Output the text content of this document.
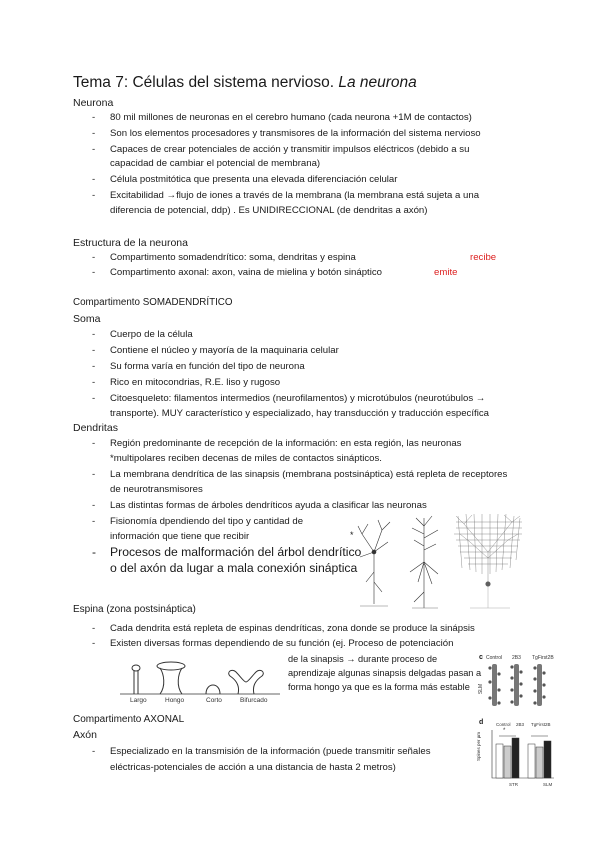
Tema 7: Células del sistema nervioso. La neurona
Neurona
- 80 mil millones de neuronas en el cerebro humano (cada neurona +1M de contactos)
- Son los elementos procesadores y transmisores de la información del sistema nervioso
- Capaces de crear potenciales de acción y transmitir impulsos eléctricos (debido a su
capacidad de cambiar el potencial de membrana)
- Célula postmitótica que presenta una elevada diferenciación celular
- Excitabilidad →flujo de iones a través de la membrana (la membrana está sujeta a una
diferencia de potencial, ddp) . Es UNIDIRECCIONAL (de dendritas a axón)
Estructura de la neurona
- Compartimento somadendrítico: soma, dendritas y espina	recibe
- Compartimento axonal: axon, vaina de mielina y botón sináptico	emite
Compartimento SOMADENDRÍTICO
Soma
- Cuerpo de la célula
- Contiene el núcleo y mayoría de la maquinaria celular
- Su forma varía en función del tipo de neurona
- Rico en mitocondrias, R.E. liso y rugoso
- Citoesqueleto: filamentos intermedios (neurofilamentos) y microtúbulos (neurotúbulos →
transporte). MUY característico y especializado, hay transducción y traducción específica
Dendritas
- Región predominante de recepción de la información: en esta región, las neuronas
*multipolares reciben decenas de miles de contactos sinápticos.
- La membrana dendrítica de las sinapsis (membrana postsináptica) está repleta de receptores
de neurotransmisores
- Las distintas formas de árboles dendríticos ayuda a clasificar las neuronas
- Fisionomía dpendiendo del tipo y cantidad de
información que tiene que recibir
- Procesos de malformación del árbol dendrítico
o del axón da lugar a mala conexión sináptica
*
Espina (zona postsináptica)
- Cada dendrita está repleta de espinas dendríticas, zona donde se produce la sinápsis
- Existen diversas formas dependiendo de su función (ej. Proceso de potenciación
de la sinapsis → durante proceso de
aprendizaje algunas sinapsis delgadas pasan a
forma hongo ya que es la forma más estable
Largo	Hongo	Corto	Bifurcado
c Control 2B3 TgFirst2B
SLM
Compartimento AXONAL
Axón
- Especializado en la transmisión de la información (puede transmitir señales
eléctricas-potenciales de acción a una distancia de hasta 2 metros)
d	Control 2B3 TgFirst2B
Spines per µm
STR	SLM
*
